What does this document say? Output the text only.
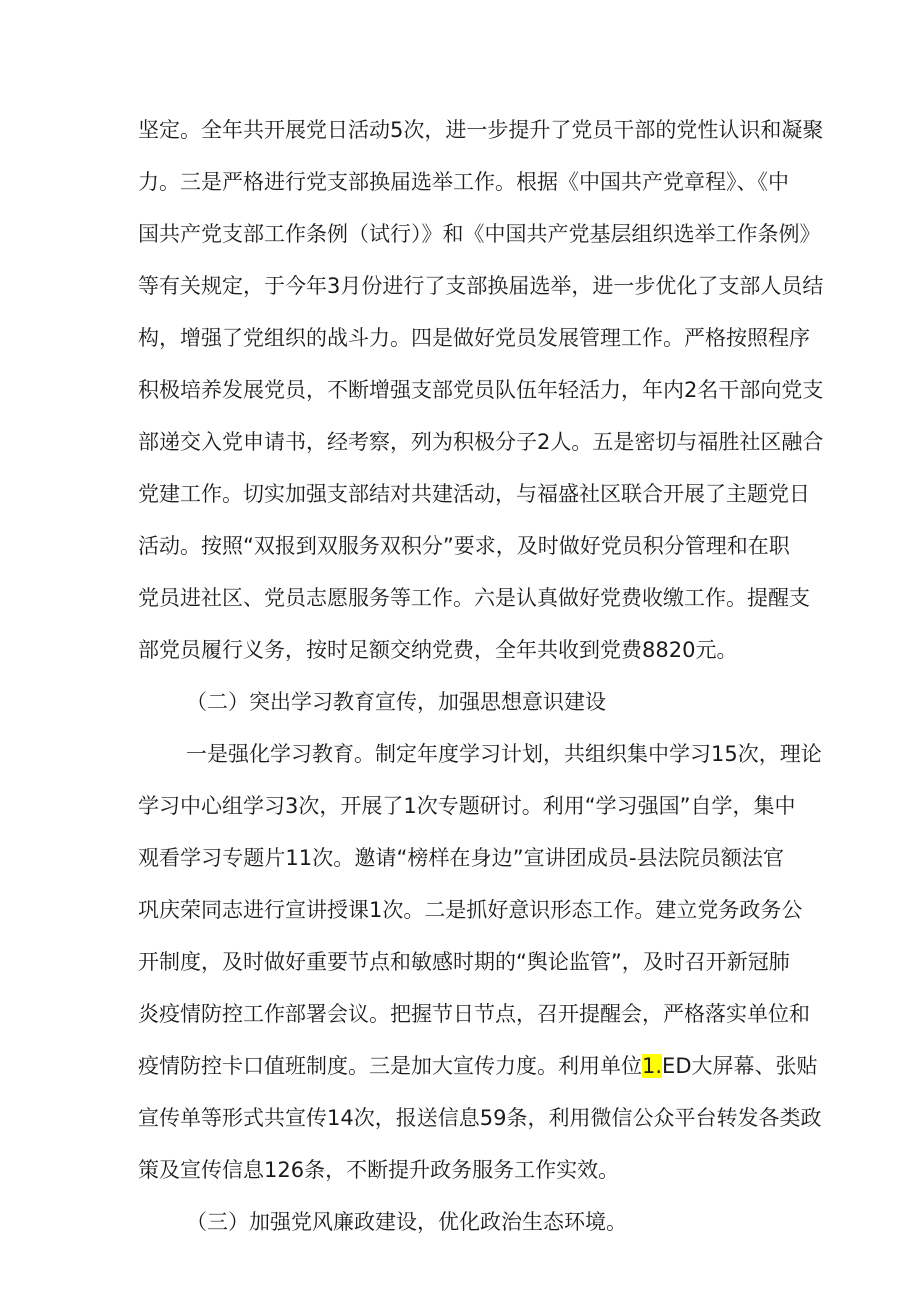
坚定。全年共开展党日活动5次，进一步提升了党员干部的党性认识和凝聚
力。三是严格进行党支部换届选举工作。根据《中国共产党章程》、《中
国共产党支部工作条例（试行）》和《中国共产党基层组织选举工作条例》
等有关规定，于今年3月份进行了支部换届选举，进一步优化了支部人员结
构，增强了党组织的战斗力。四是做好党员发展管理工作。严格按照程序
积极培养发展党员，不断增强支部党员队伍年轻活力，年内2名干部向党支
部递交入党申请书，经考察，列为积极分子2人。五是密切与福胜社区融合
党建工作。切实加强支部结对共建活动，与福盛社区联合开展了主题党日
活动。按照“双报到双服务双积分”要求，及时做好党员积分管理和在职
党员进社区、党员志愿服务等工作。六是认真做好党费收缴工作。提醒支
部党员履行义务，按时足额交纳党费，全年共收到党费8820元。
（二）突出学习教育宣传，加强思想意识建设
一是强化学习教育。制定年度学习计划，共组织集中学习15次，理论
学习中心组学习3次，开展了1次专题研讨。利用“学习强国”自学，集中
观看学习专题片11次。邀请“榜样在身边”宣讲团成员-县法院员额法官
巩庆荣同志进行宣讲授课1次。二是抓好意识形态工作。建立党务政务公
开制度，及时做好重要节点和敏感时期的“舆论监管”，及时召开新冠肺
炎疫情防控工作部署会议。把握节日节点，召开提醒会，严格落实单位和
疫情防控卡口值班制度。三是加大宣传力度。利用单位1.ED大屏幕、张贴
宣传单等形式共宣传14次，报送信息59条，利用微信公众平台转发各类政
策及宣传信息126条，不断提升政务服务工作实效。
（三）加强党风廉政建设，优化政治生态环境。
